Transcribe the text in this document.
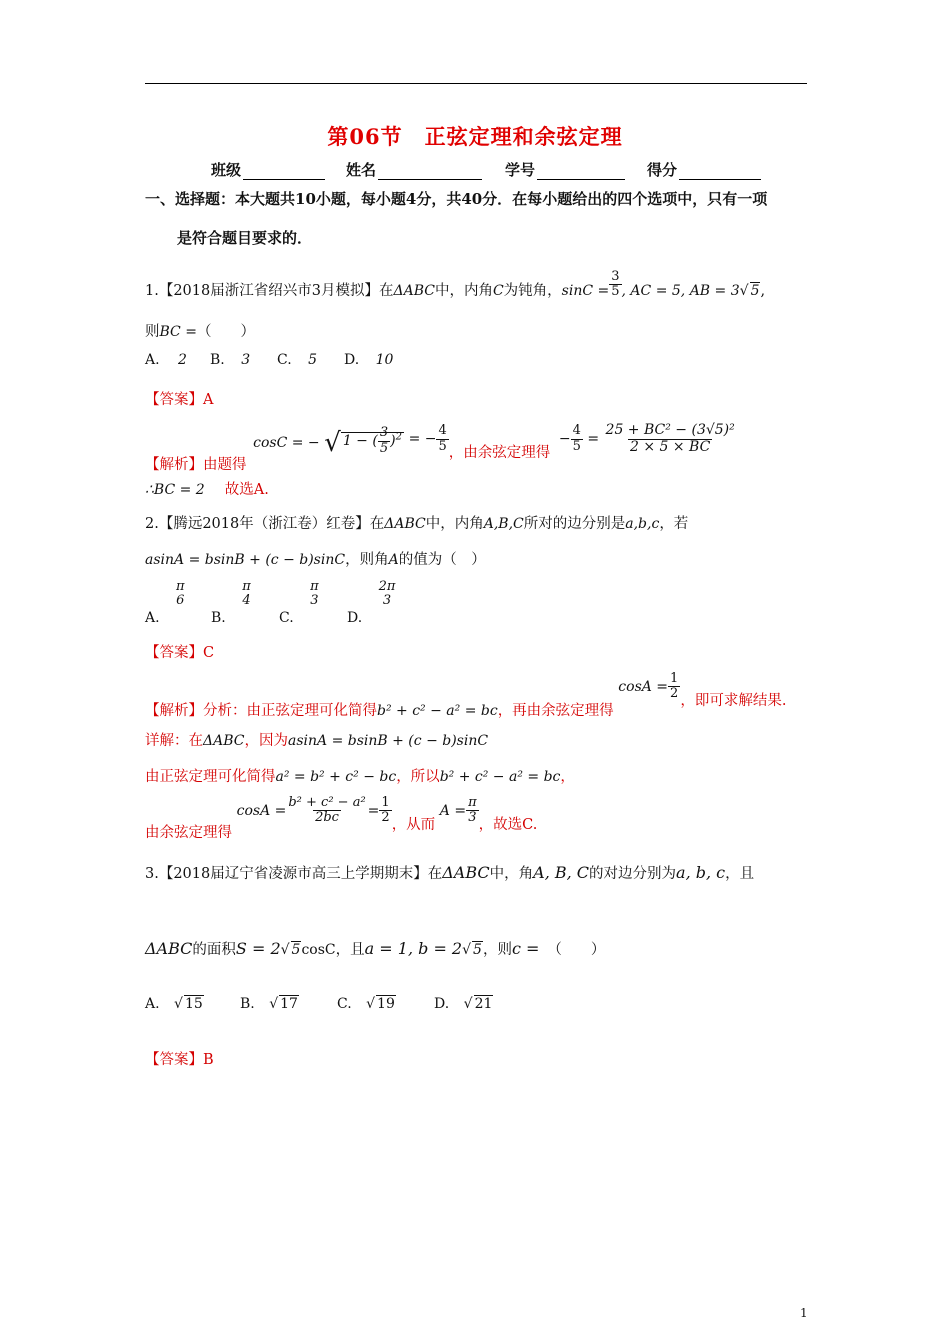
第06节　正弦定理和余弦定理
班级	姓名	学号	得分
一、选择题：本大题共10小题，每小题4分，共40分．在每小题给出的四个选项中，只有一项
是符合题目要求的．
1.【2018届浙江省绍兴市3月模拟】在ΔABC中，内角C为钝角，$\sin C = \frac{3}{5}$ , AC = 5, AB = 3√ 5,
则BC =（　　）
A. 2 B. 3 C. 5 D. 10
【答案】A
【解析】由题得 cosC = − √ 1 − ( $\frac{3}{5} )^2$ = − $\frac{4}{5}$ ，由余弦定理得 − $\frac{4}{5} = \frac{\text{25 + BC² − (3√5)²}}{2 \times 5 \times BC}$
∴BC = 2 故选A.
2.【腾远2018年（浙江卷）红卷】在ΔABC中，内角A,B,C所对的边分别是a,b,c，若
asinA = bsinB + (c − b)sinC，则角A的值为（　）
A.
π
6
B.
π
4
C.
π
3
D.
2π
3
【答案】C
【解析】分析：由正弦定理可化简得b² + c² − a² = bc，再由余弦定理得 $\cos A = \frac{1}{2}$ ，即可求解结果.
详解：在ΔABC，因为asinA = bsinB + (c − b)sinC
由正弦定理可化简得a² = b² + c² − bc，所以b² + c² − a² = bc，
由余弦定理得 $\cos A = \frac{\text{b² + c² − a²}}{2bc} = \frac{1}{2}$ ，从而 $A = \frac{\pi}{3}$ ，故选C.
3.【2018届辽宁省凌源市高三上学期期末】在ΔABC中，角A, B, C的对边分别为a, b, c，且
ΔABC的面积S = 2√ 5cosC，且a = 1, b = 2√ 5，则c = （　　）
A. √ 15	B. √ 17	C. √ 19	D. √ 21
【答案】B
1
